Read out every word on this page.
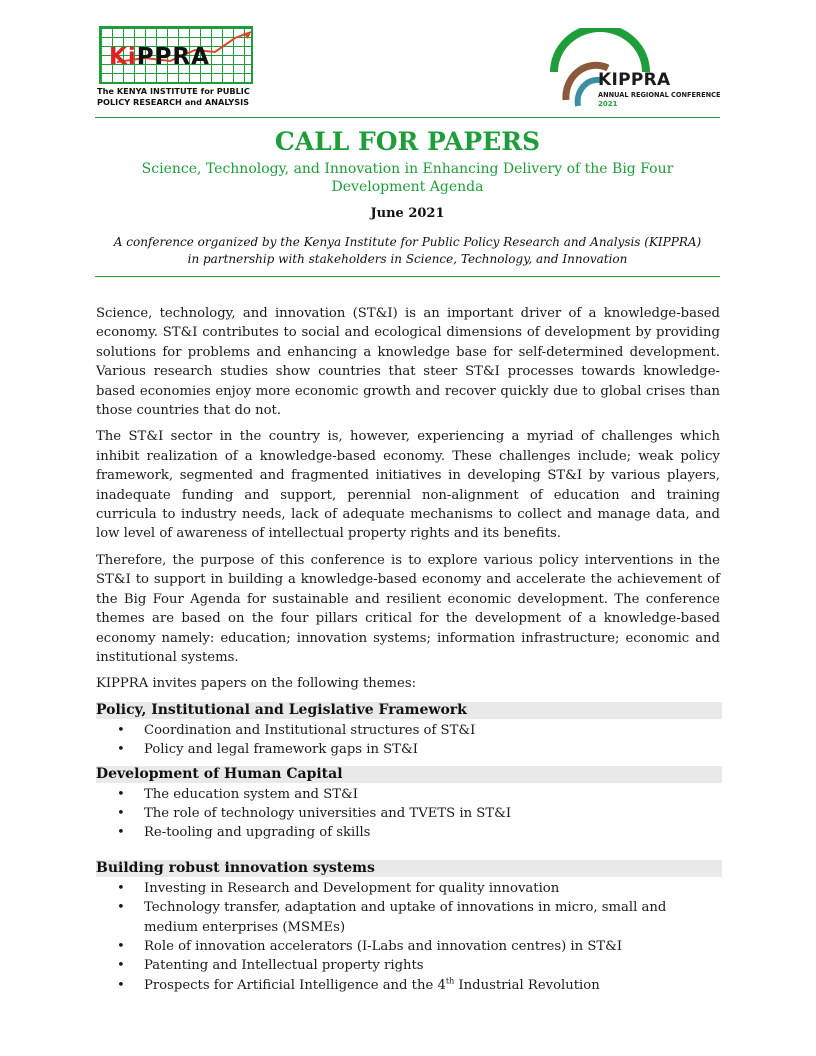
KiPPRA
The KENYA INSTITUTE for PUBLIC
POLICY RESEARCH and ANALYSIS
KIPPRA
ANNUAL REGIONAL CONFERENCE
2021
CALL FOR PAPERS
Science, Technology, and Innovation in Enhancing Delivery of the Big Four
Development Agenda
June 2021
A conference organized by the Kenya Institute for Public Policy Research and Analysis (KIPPRA)
in partnership with stakeholders in Science, Technology, and Innovation

Science, technology, and innovation (ST&I) is an important driver of a knowledge-based economy. ST&I contributes to social and ecological dimensions of development by providing solutions for problems and enhancing a knowledge base for self-determined development. Various research studies show countries that steer ST&I processes towards knowledge-based economies enjoy more economic growth and recover quickly due to global crises than those countries that do not.

The ST&I sector in the country is, however, experiencing a myriad of challenges which inhibit realization of a knowledge-based economy. These challenges include; weak policy framework, segmented and fragmented initiatives in developing ST&I by various players, inadequate funding and support, perennial non-alignment of education and training curricula to industry needs, lack of adequate mechanisms to collect and manage data, and low level of awareness of intellectual property rights and its benefits.

Therefore, the purpose of this conference is to explore various policy interventions in the ST&I to support in building a knowledge-based economy and accelerate the achievement of the Big Four Agenda for sustainable and resilient economic development. The conference themes are based on the four pillars critical for the development of a knowledge-based economy namely: education; innovation systems; information infrastructure; economic and institutional systems.

KIPPRA invites papers on the following themes:

Policy, Institutional and Legislative Framework
• Coordination and Institutional structures of ST&I
• Policy and legal framework gaps in ST&I
Development of Human Capital
• The education system and ST&I
• The role of technology universities and TVETS in ST&I
• Re-tooling and upgrading of skills
Building robust innovation systems
• Investing in Research and Development for quality innovation
• Technology transfer, adaptation and uptake of innovations in micro, small and medium enterprises (MSMEs)
• Role of innovation accelerators (I-Labs and innovation centres) in ST&I
• Patenting and Intellectual property rights
• Prospects for Artificial Intelligence and the 4th Industrial Revolution
